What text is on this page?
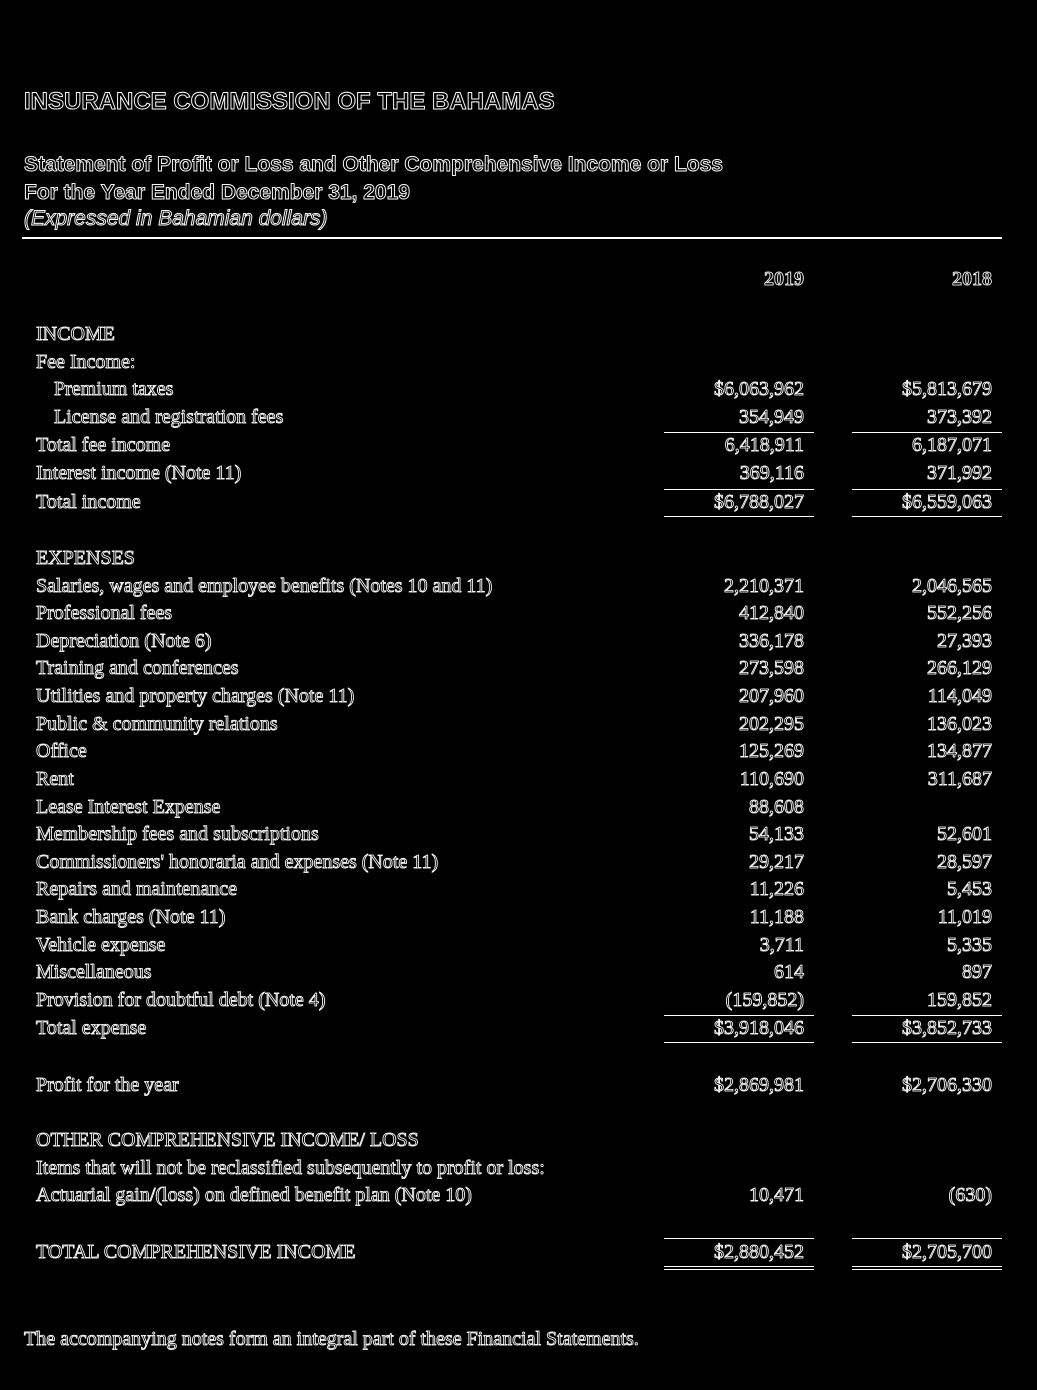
INSURANCE COMMISSION OF THE BAHAMAS
Statement of Profit or Loss and Other Comprehensive Income or Loss
For the Year Ended December 31, 2019
(Expressed in Bahamian dollars)
2019	2018
INCOME
Fee Income:
Premium taxes	$6,063,962	$5,813,679
License and registration fees	354,949	373,392
Total fee income	6,418,911	6,187,071
Interest income (Note 11)	369,116	371,992
Total income	$6,788,027	$6,559,063
EXPENSES
Salaries, wages and employee benefits (Notes 10 and 11)	2,210,371	2,046,565
Professional fees	412,840	552,256
Depreciation (Note 6)	336,178	27,393
Training and conferences	273,598	266,129
Utilities and property charges (Note 11)	207,960	114,049
Public & community relations	202,295	136,023
Office	125,269	134,877
Rent	110,690	311,687
Lease Interest Expense	88,608
Membership fees and subscriptions	54,133	52,601
Commissioners' honoraria and expenses (Note 11)	29,217	28,597
Repairs and maintenance	11,226	5,453
Bank charges (Note 11)	11,188	11,019
Vehicle expense	3,711	5,335
Miscellaneous	614	897
Provision for doubtful debt (Note 4)	(159,852)	159,852
Total expense	$3,918,046	$3,852,733
Profit for the year	$2,869,981	$2,706,330
OTHER COMPREHENSIVE INCOME/ LOSS
Items that will not be reclassified subsequently to profit or loss:
Actuarial gain/(loss) on defined benefit plan (Note 10)	10,471	(630)
TOTAL COMPREHENSIVE INCOME	$2,880,452	$2,705,700
The accompanying notes form an integral part of these Financial Statements.
